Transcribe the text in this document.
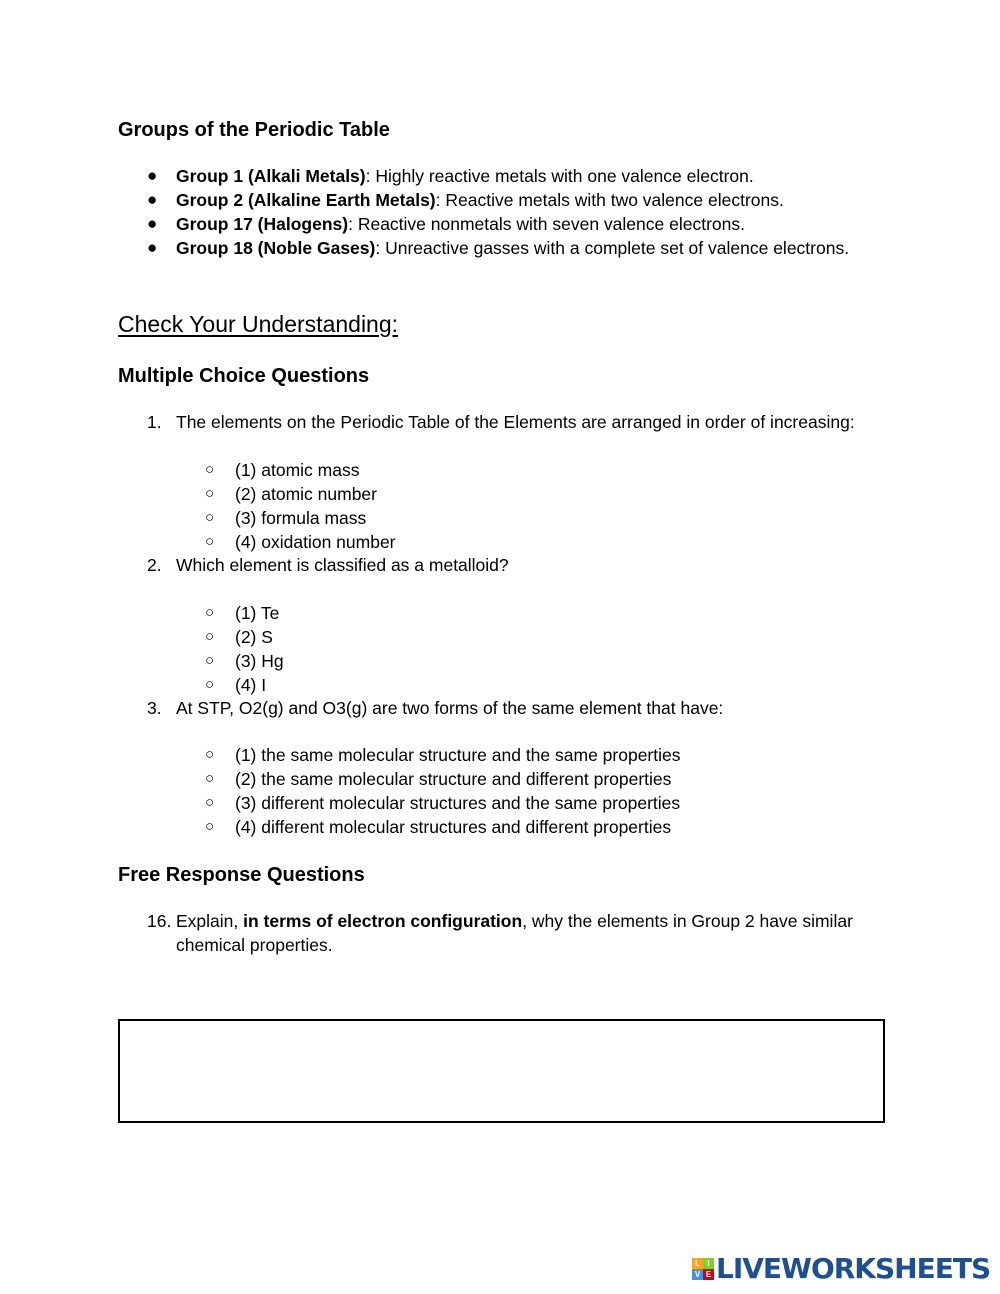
Groups of the Periodic Table
● Group 1 (Alkali Metals): Highly reactive metals with one valence electron.
● Group 2 (Alkaline Earth Metals): Reactive metals with two valence electrons.
● Group 17 (Halogens): Reactive nonmetals with seven valence electrons.
● Group 18 (Noble Gases): Unreactive gasses with a complete set of valence electrons.
Check Your Understanding:
Multiple Choice Questions
1. The elements on the Periodic Table of the Elements are arranged in order of increasing:
○ (1) atomic mass
○ (2) atomic number
○ (3) formula mass
○ (4) oxidation number
2. Which element is classified as a metalloid?
○ (1) Te
○ (2) S
○ (3) Hg
○ (4) I
3. At STP, O2(g) and O3(g) are two forms of the same element that have:
○ (1) the same molecular structure and the same properties
○ (2) the same molecular structure and different properties
○ (3) different molecular structures and the same properties
○ (4) different molecular structures and different properties
Free Response Questions
16. Explain, in terms of electron configuration, why the elements in Group 2 have similar
chemical properties.
L I
V E LIVEWORKSHEETS
